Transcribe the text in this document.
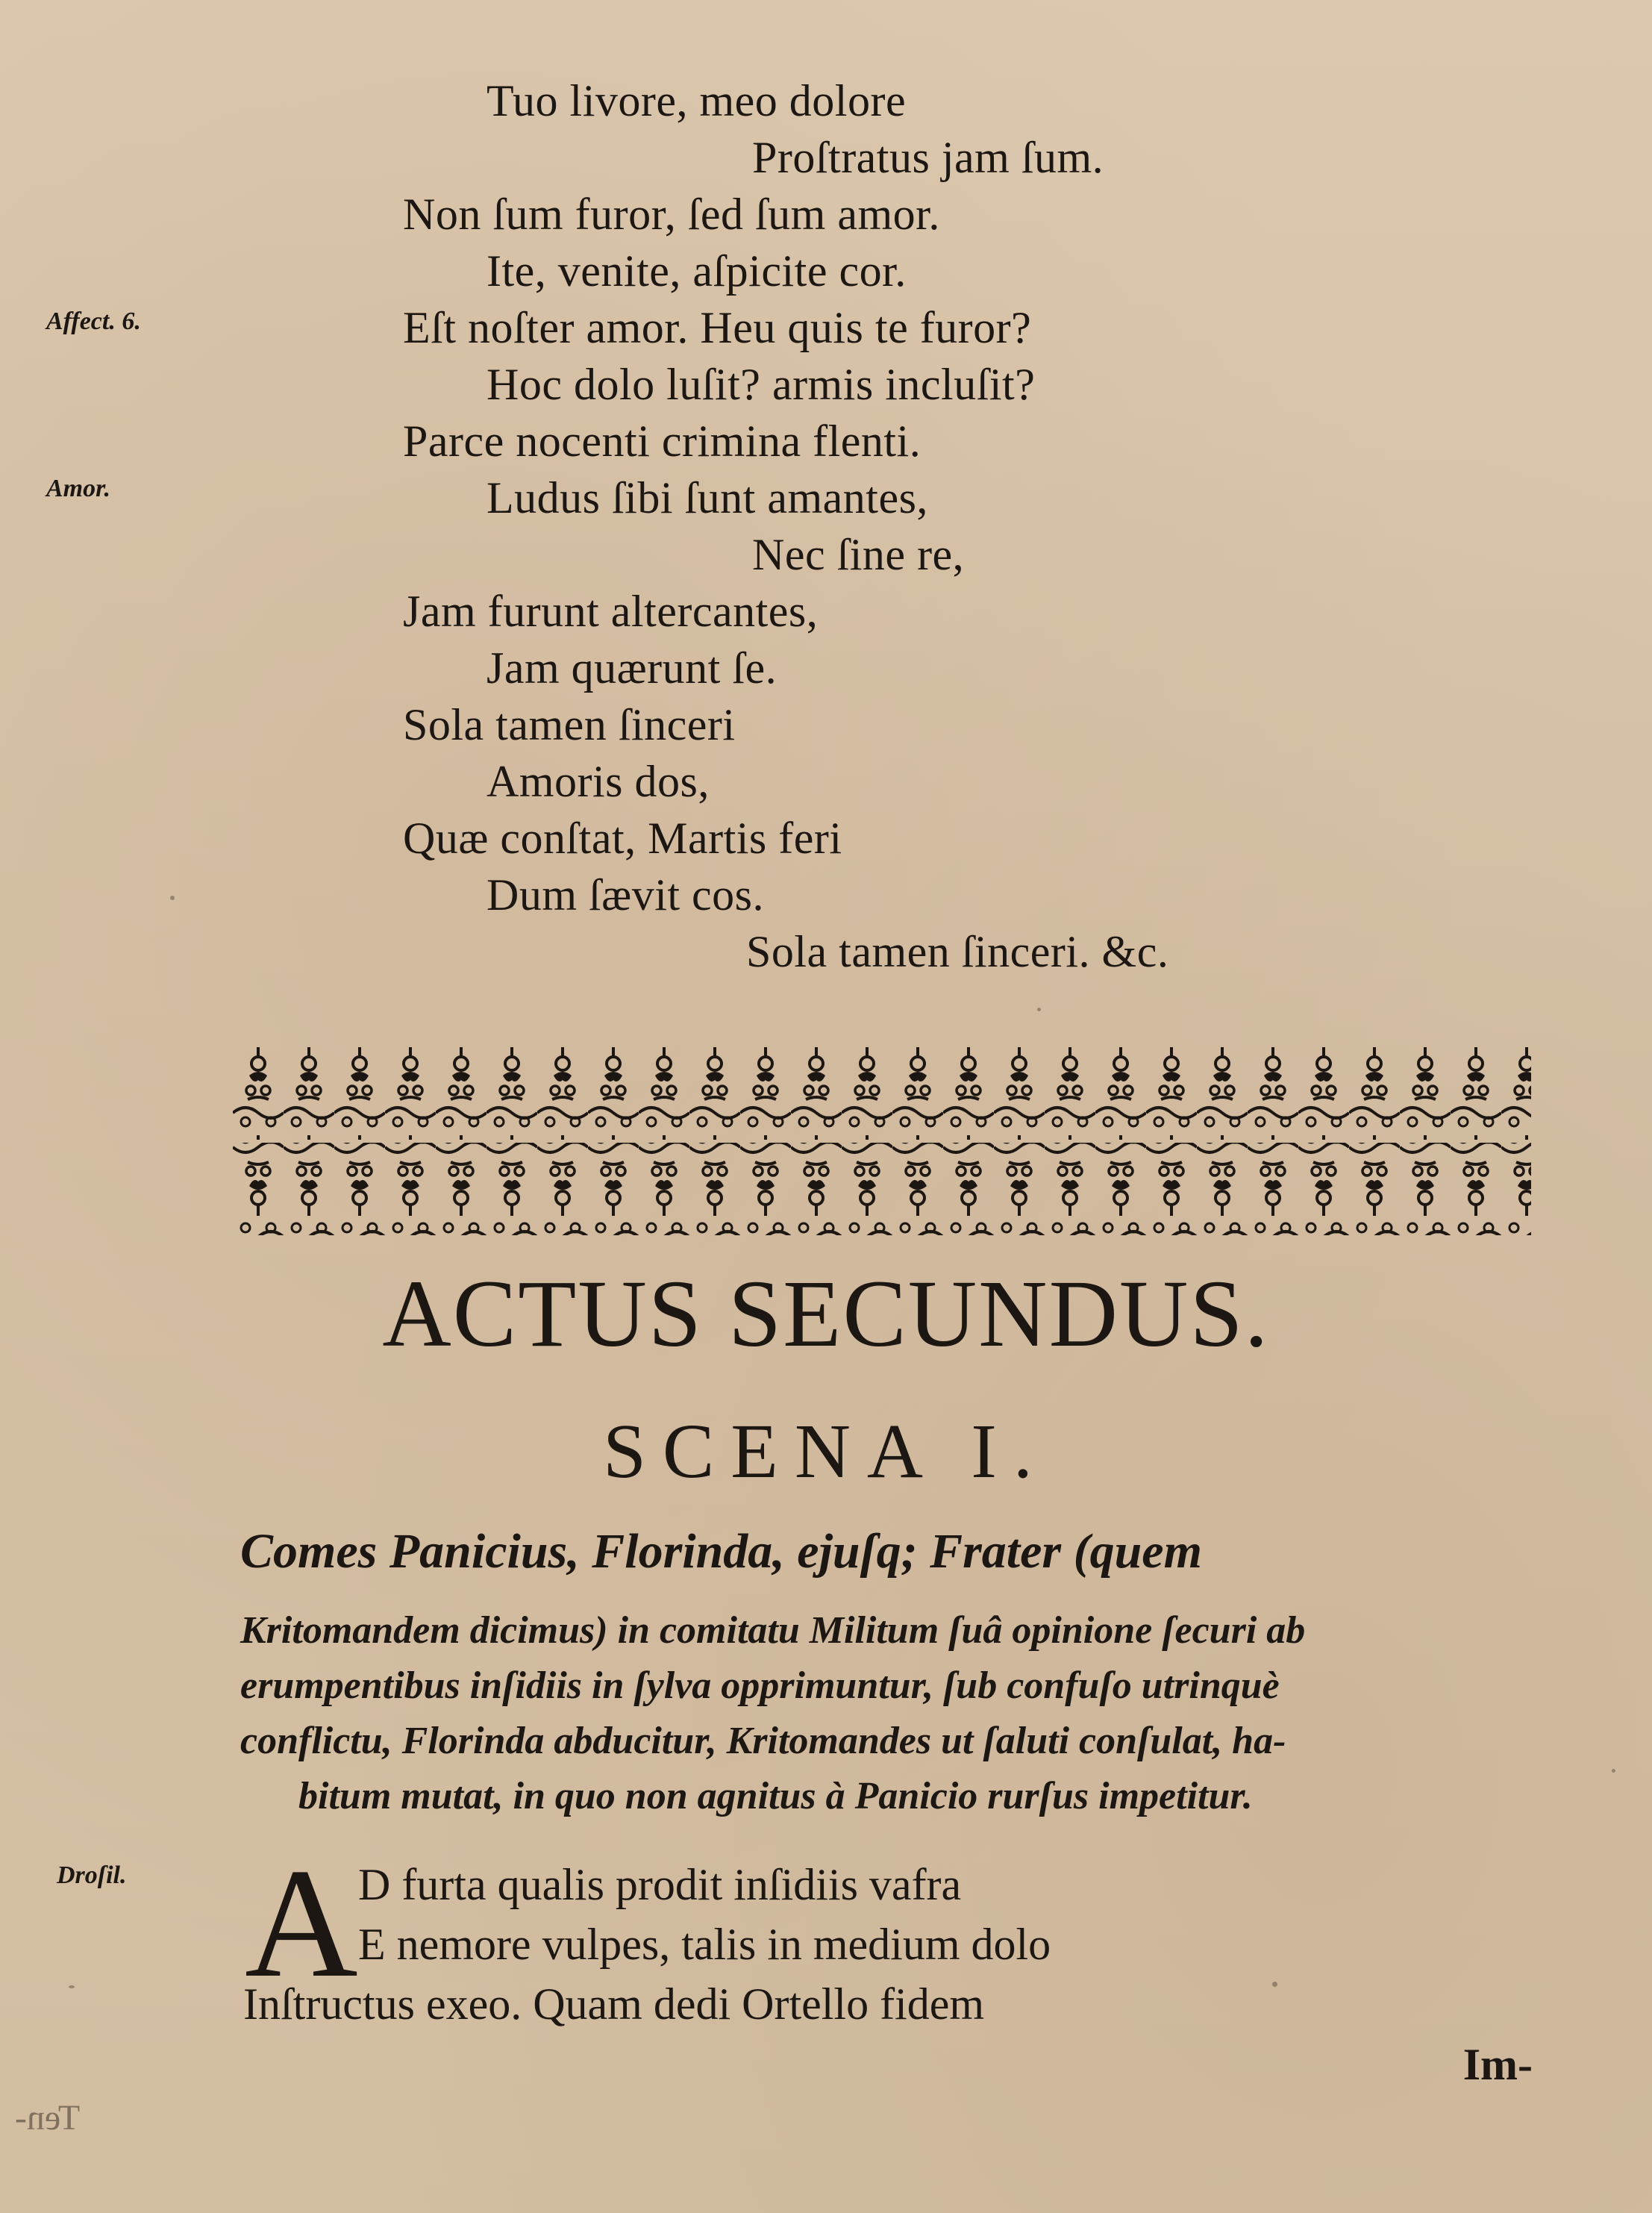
Tuo livore, meo dolore
Proſtratus jam ſum.
Non ſum furor, ſed ſum amor.
Ite, venite, aſpicite cor.
Eſt noſter amor. Heu quis te furor?
Hoc dolo luſit? armis incluſit?
Parce nocenti crimina flenti.
Ludus ſibi ſunt amantes,
Nec ſine re,
Jam furunt altercantes,
Jam quærunt ſe.
Sola tamen ſinceri
Amoris dos,
Quæ conſtat, Martis feri
Dum ſævit cos.
Sola tamen ſinceri. &c.
Affect. 6.
Amor.
ACTUS SECUNDUS.
SCENA I.
Comes Panicius, Florinda, ejuſq; Frater (quem
Kritomandem dicimus) in comitatu Militum ſuâ opinione ſecuri ab
erumpentibus inſidiis in ſylva opprimuntur, ſub confuſo utrinquè
conflictu, Florinda abducitur, Kritomandes ut ſaluti conſulat, ha-
bitum mutat, in quo non agnitus à Panicio rurſus impetitur.
Droſil. A D furta qualis prodit inſidiis vafra
E nemore vulpes, talis in medium dolo
Inſtructus exeo. Quam dedi Ortello fidem
Im-
Ten-
